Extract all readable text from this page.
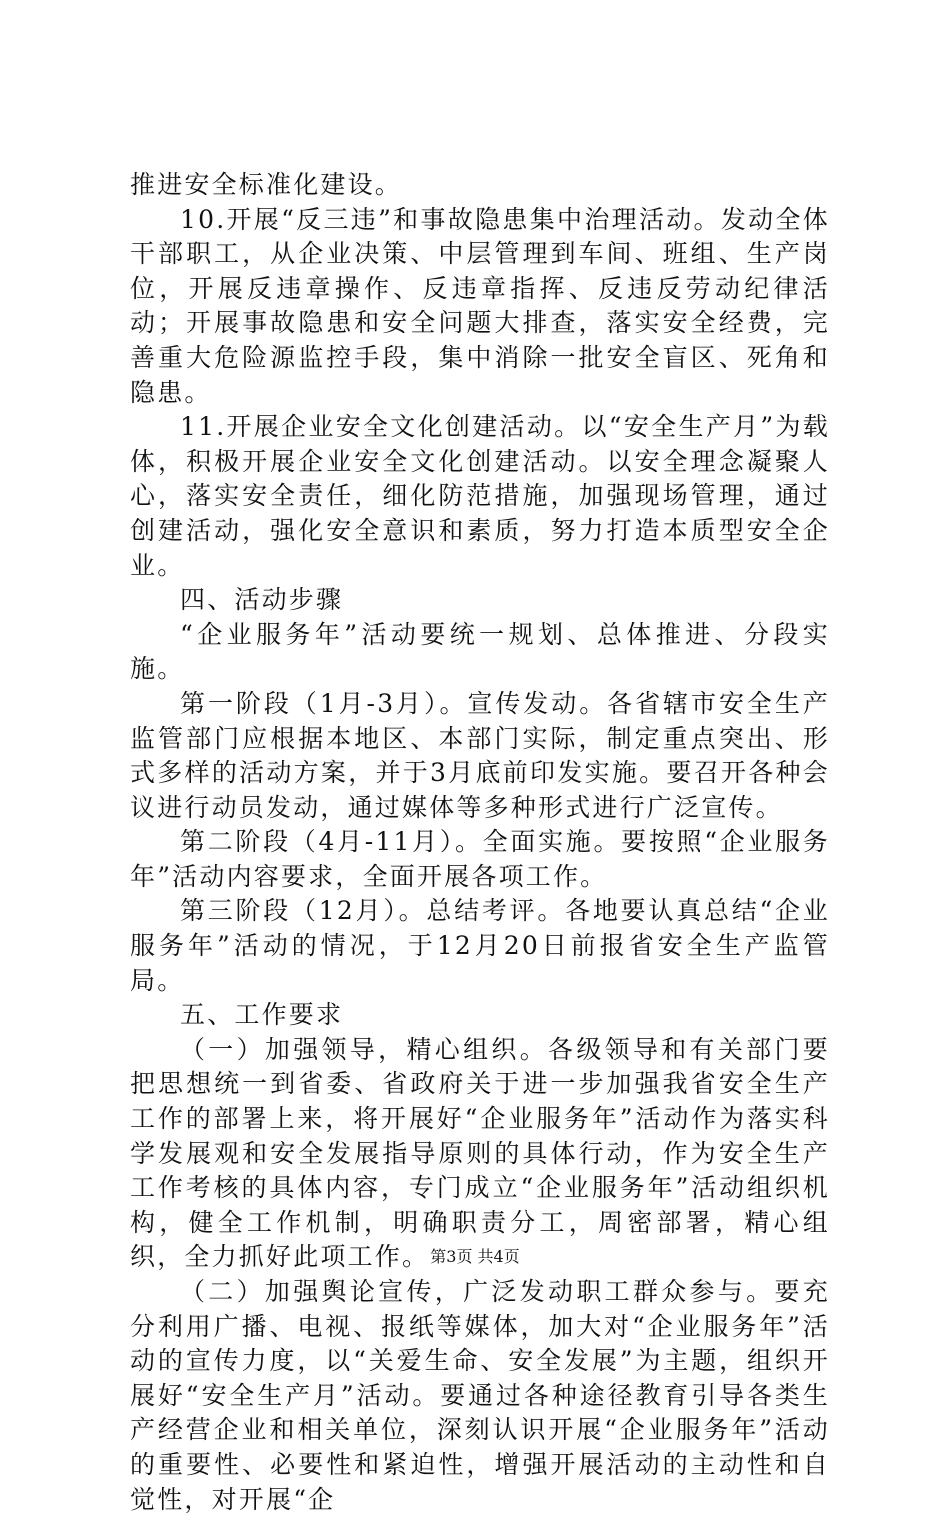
推进安全标准化建设。

10.开展“反三违”和事故隐患集中治理活动。发动全体干部职工，从企业决策、中层管理到车间、班组、生产岗位，开展反违章操作、反违章指挥、反违反劳动纪律活动；开展事故隐患和安全问题大排查，落实安全经费，完善重大危险源监控手段，集中消除一批安全盲区、死角和隐患。

11.开展企业安全文化创建活动。以“安全生产月”为载体，积极开展企业安全文化创建活动。以安全理念凝聚人心，落实安全责任，细化防范措施，加强现场管理，通过创建活动，强化安全意识和素质，努力打造本质型安全企业。

四、活动步骤

“企业服务年”活动要统一规划、总体推进、分段实施。

第一阶段（1月-3月）。宣传发动。各省辖市安全生产监管部门应根据本地区、本部门实际，制定重点突出、形式多样的活动方案，并于3月底前印发实施。要召开各种会议进行动员发动，通过媒体等多种形式进行广泛宣传。

第二阶段（4月-11月）。全面实施。要按照“企业服务年”活动内容要求，全面开展各项工作。

第三阶段（12月）。总结考评。各地要认真总结“企业服务年”活动的情况，于12月20日前报省安全生产监管局。

五、工作要求

（一）加强领导，精心组织。各级领导和有关部门要把思想统一到省委、省政府关于进一步加强我省安全生产工作的部署上来，将开展好“企业服务年”活动作为落实科学发展观和安全发展指导原则的具体行动，作为安全生产工作考核的具体内容，专门成立“企业服务年”活动组织机构，健全工作机制，明确职责分工，周密部署，精心组织，全力抓好此项工作。

（二）加强舆论宣传，广泛发动职工群众参与。要充分利用广播、电视、报纸等媒体，加大对“企业服务年”活动的宣传力度，以“关爱生命、安全发展”为主题，组织开展好“安全生产月”活动。要通过各种途径教育引导各类生产经营企业和相关单位，深刻认识开展“企业服务年”活动的重要性、必要性和紧迫性，增强开展活动的主动性和自觉性，对开展“企

第3页 共4页
